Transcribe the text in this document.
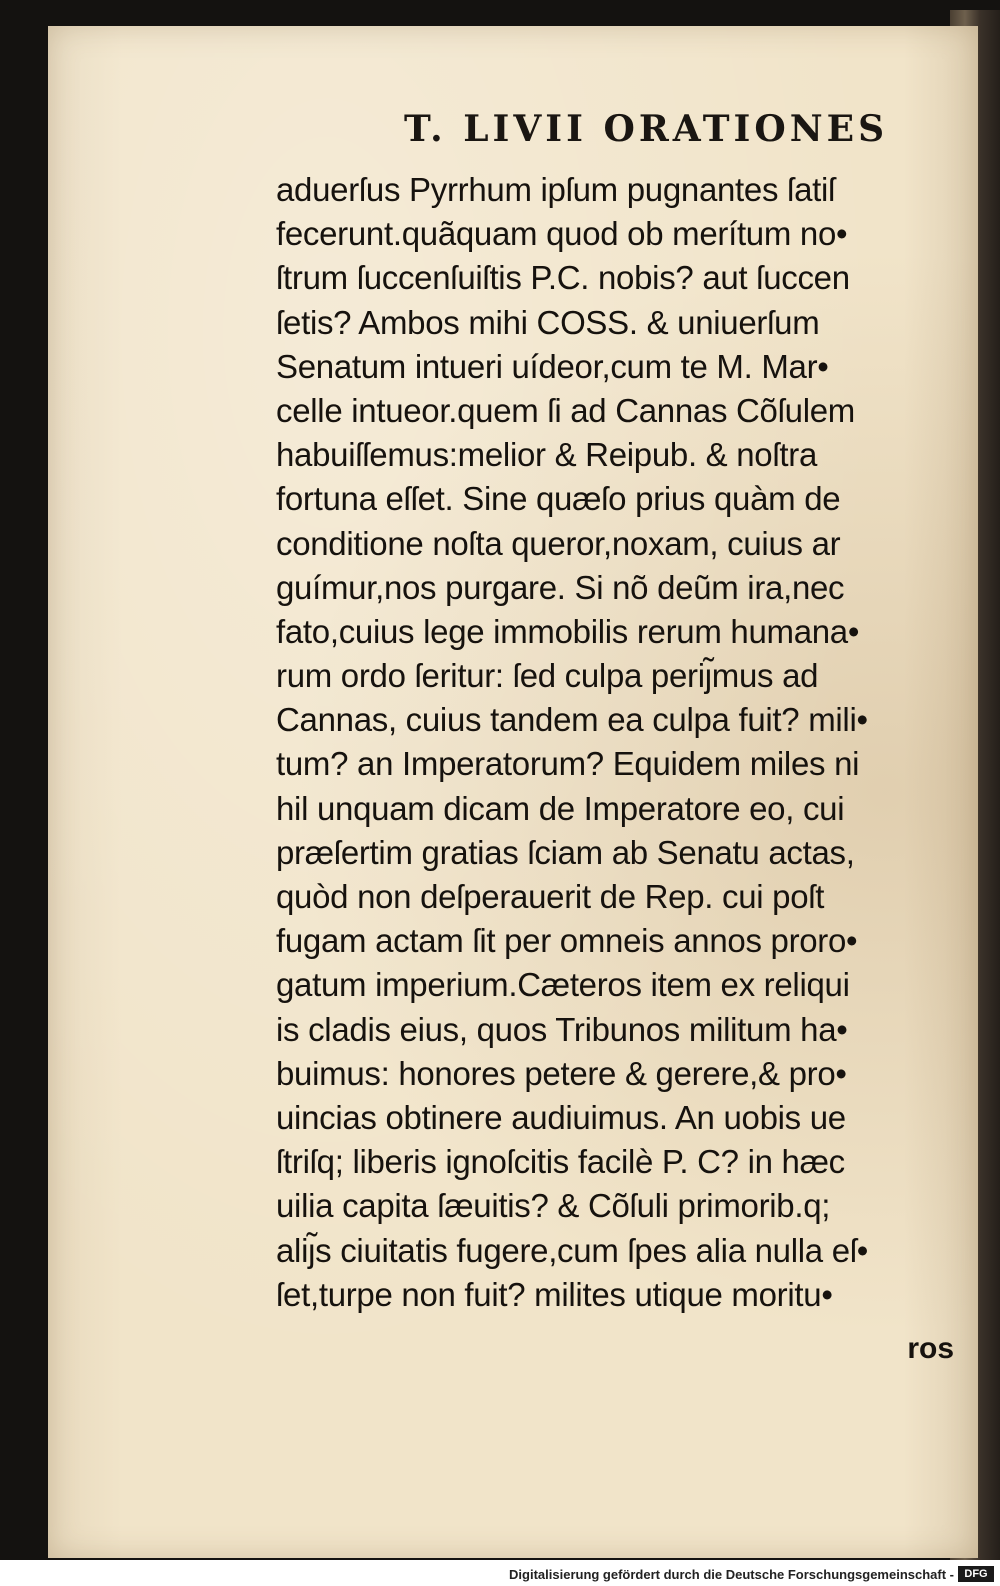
T. LIVII ORATIONES
aduerſus Pyrrhum ipſum pugnantes ſatiſ
fecerunt.quãquam quod ob merítum no•
ſtrum ſuccenſuiſtis P.C. nobis? aut ſuccen
ſetis? Ambos mihi COSS. & uniuerſum
Senatum intueri uídeor,cum te M. Mar•
celle intueor.quem ſi ad Cannas Cõſulem
habuiſſemus:melior & Reipub. & noſtra
fortuna eſſet. Sine quæſo prius quàm de
conditione noſta queror,noxam, cuius ar
guímur,nos purgare. Si nõ deũm ira,nec
fato,cuius lege immobilis rerum humana•
rum ordo ſeritur: ſed culpa periȷ̃mus ad
Cannas, cuius tandem ea culpa fuit? mili•
tum? an Imperatorum? Equidem miles ni
hil unquam dicam de Imperatore eo, cui
præſertim gratias ſciam ab Senatu actas,
quòd non deſperauerit de Rep. cui poſt
fugam actam ſit per omneis annos proro•
gatum imperium.Cæteros item ex reliqui
is cladis eius, quos Tribunos militum ha•
buimus: honores petere & gerere,& pro•
uincias obtinere audiuimus. An uobis ue
ſtriſq; liberis ignoſcitis facilè P. C? in hæc
uilia capita ſæuitis? & Cõſuli primorib.q;
aliȷ̃s ciuitatis fugere,cum ſpes alia nulla eſ•
ſet,turpe non fuit? milites utique moritu•
ros
Digitalisierung gefördert durch die Deutsche Forschungsgemeinschaft - DFG
